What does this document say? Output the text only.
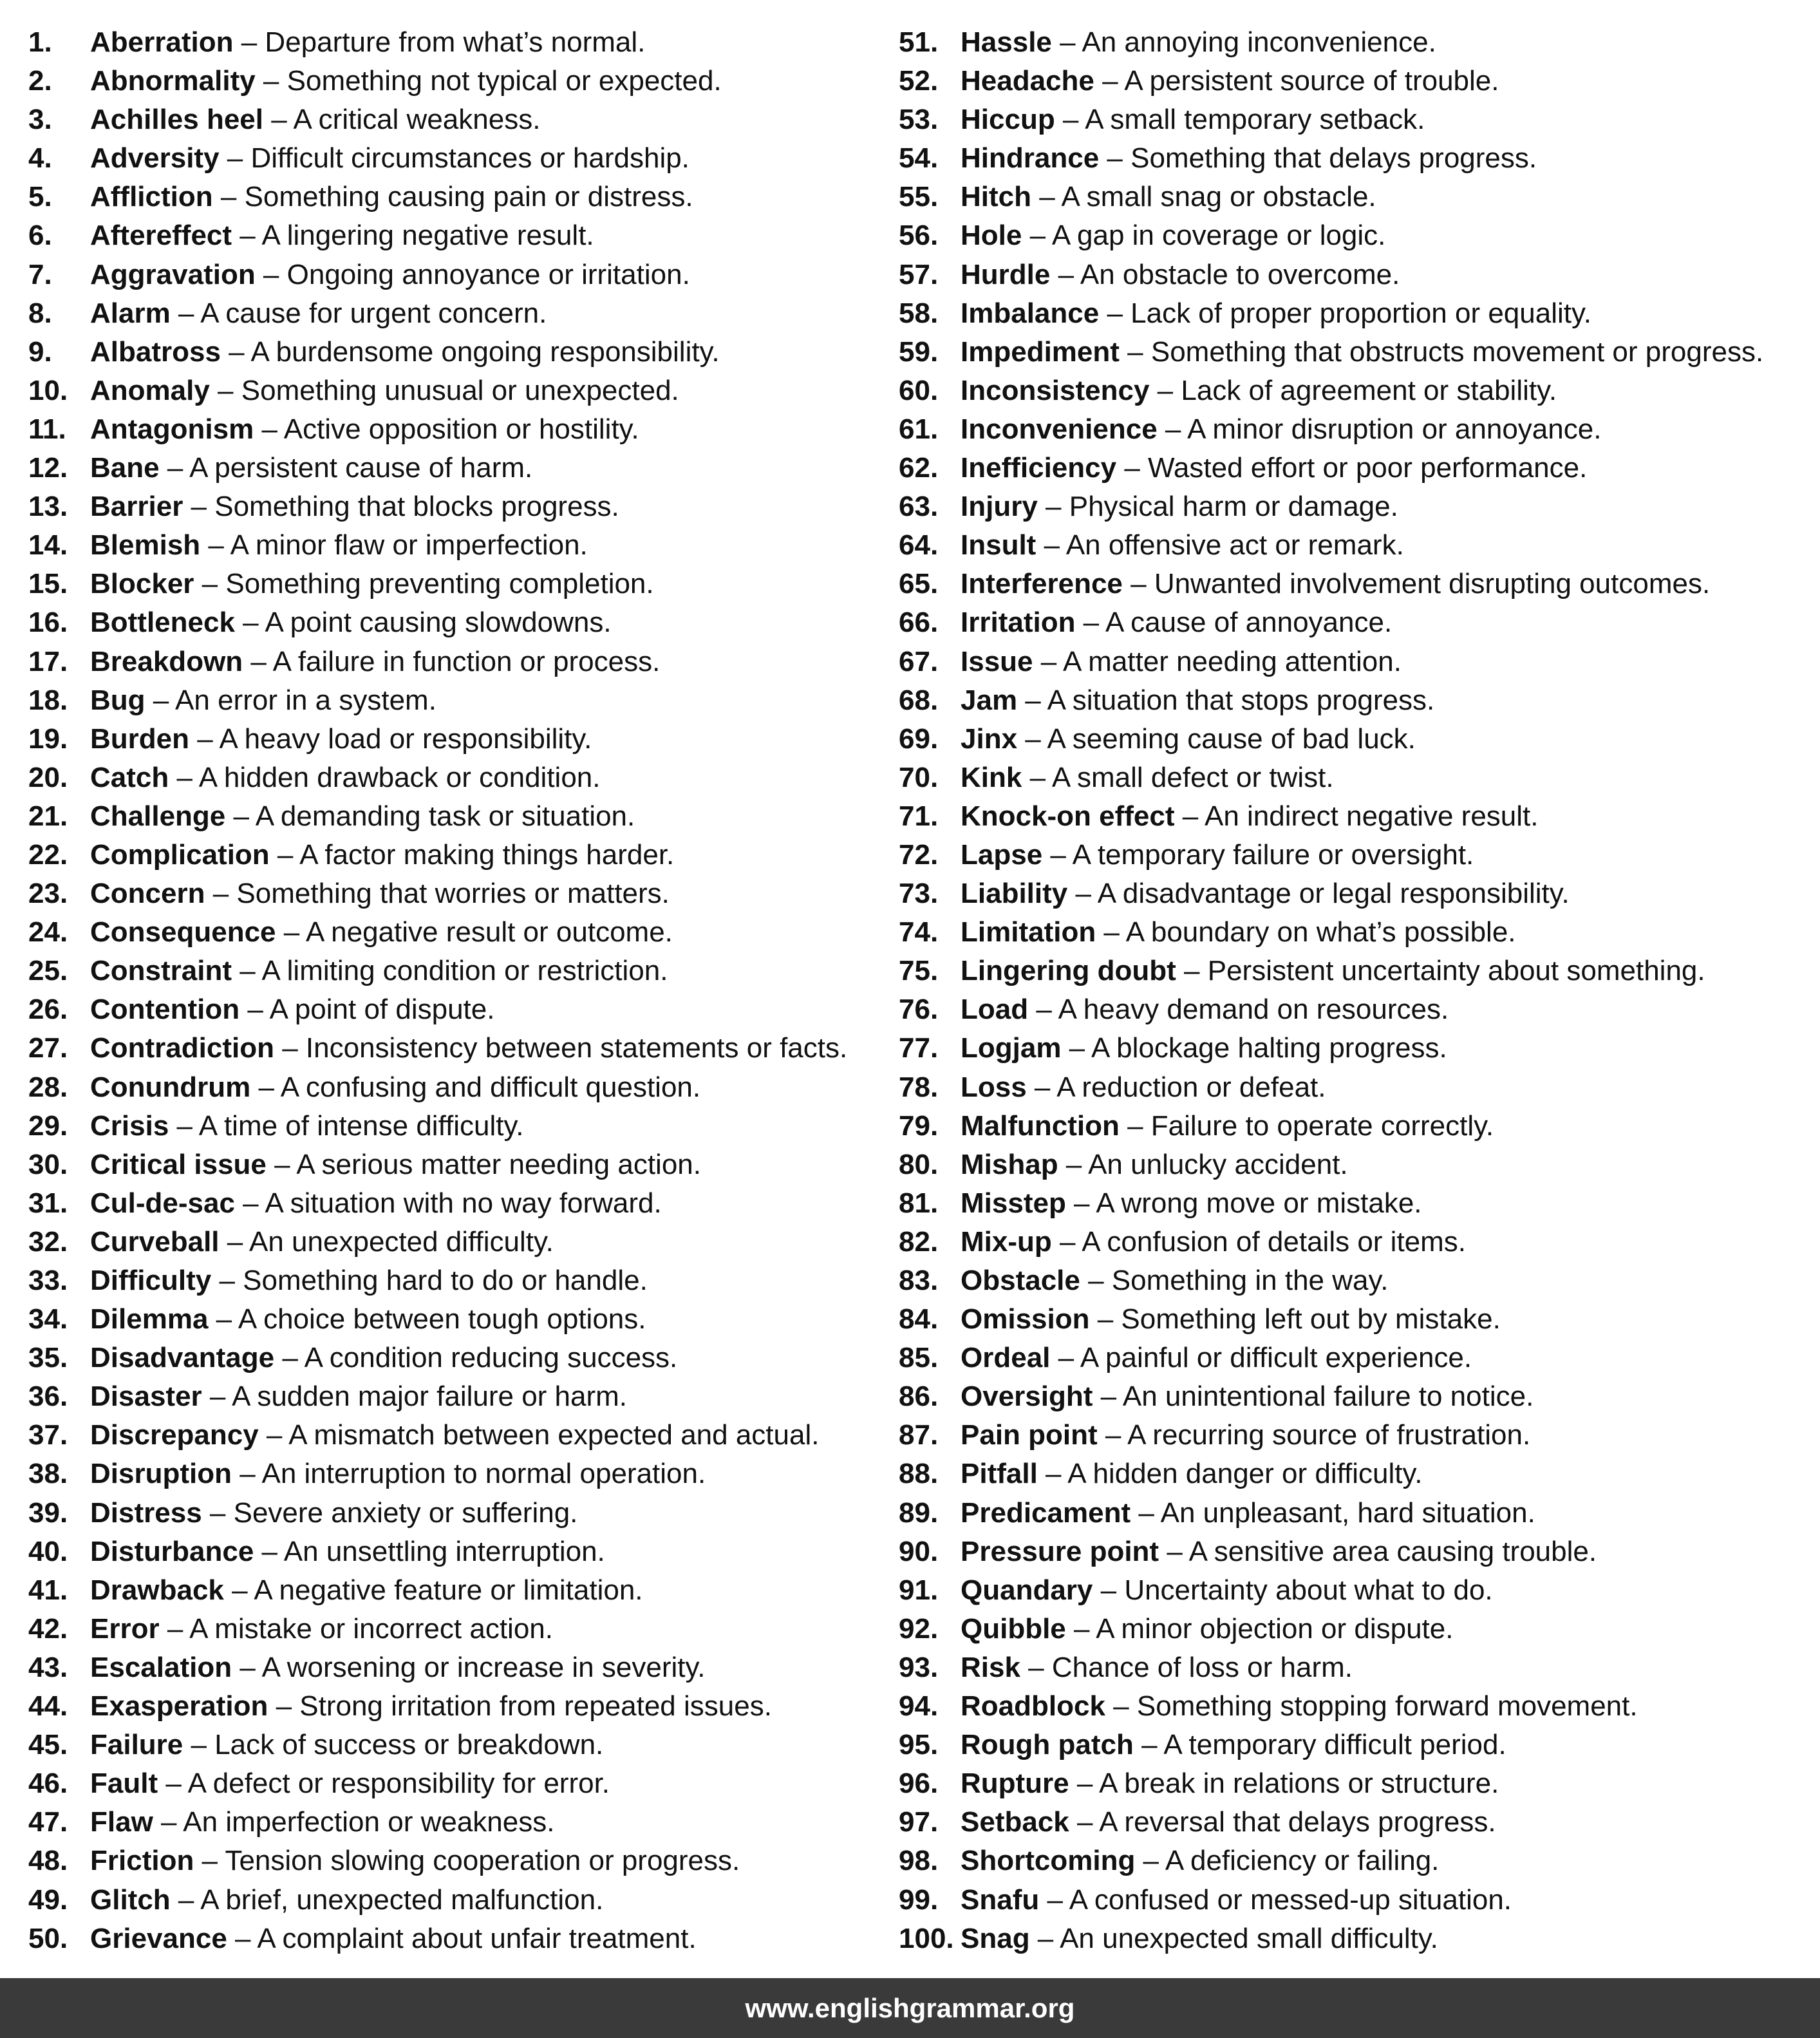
1.	Aberration – Departure from what’s normal.
2.	Abnormality – Something not typical or expected.
3.	Achilles heel – A critical weakness.
4.	Adversity – Difficult circumstances or hardship.
5.	Affliction – Something causing pain or distress.
6.	Aftereffect – A lingering negative result.
7.	Aggravation – Ongoing annoyance or irritation.
8.	Alarm – A cause for urgent concern.
9.	Albatross – A burdensome ongoing responsibility.
10. Anomaly – Something unusual or unexpected.
11. Antagonism – Active opposition or hostility.
12. Bane – A persistent cause of harm.
13. Barrier – Something that blocks progress.
14. Blemish – A minor flaw or imperfection.
15. Blocker – Something preventing completion.
16. Bottleneck – A point causing slowdowns.
17. Breakdown – A failure in function or process.
18. Bug – An error in a system.
19. Burden – A heavy load or responsibility.
20. Catch – A hidden drawback or condition.
21. Challenge – A demanding task or situation.
22. Complication – A factor making things harder.
23. Concern – Something that worries or matters.
24. Consequence – A negative result or outcome.
25. Constraint – A limiting condition or restriction.
26. Contention – A point of dispute.
27. Contradiction – Inconsistency between statements or facts.
28. Conundrum – A confusing and difficult question.
29. Crisis – A time of intense difficulty.
30. Critical issue – A serious matter needing action.
31. Cul-de-sac – A situation with no way forward.
32. Curveball – An unexpected difficulty.
33. Difficulty – Something hard to do or handle.
34. Dilemma – A choice between tough options.
35. Disadvantage – A condition reducing success.
36. Disaster – A sudden major failure or harm.
37. Discrepancy – A mismatch between expected and actual.
38. Disruption – An interruption to normal operation.
39. Distress – Severe anxiety or suffering.
40. Disturbance – An unsettling interruption.
41. Drawback – A negative feature or limitation.
42. Error – A mistake or incorrect action.
43. Escalation – A worsening or increase in severity.
44. Exasperation – Strong irritation from repeated issues.
45. Failure – Lack of success or breakdown.
46. Fault – A defect or responsibility for error.
47. Flaw – An imperfection or weakness.
48. Friction – Tension slowing cooperation or progress.
49. Glitch – A brief, unexpected malfunction.
50. Grievance – A complaint about unfair treatment.
51. Hassle – An annoying inconvenience.
52. Headache – A persistent source of trouble.
53. Hiccup – A small temporary setback.
54. Hindrance – Something that delays progress.
55. Hitch – A small snag or obstacle.
56. Hole – A gap in coverage or logic.
57. Hurdle – An obstacle to overcome.
58. Imbalance – Lack of proper proportion or equality.
59. Impediment – Something that obstructs movement or progress.
60. Inconsistency – Lack of agreement or stability.
61. Inconvenience – A minor disruption or annoyance.
62. Inefficiency – Wasted effort or poor performance.
63. Injury – Physical harm or damage.
64. Insult – An offensive act or remark.
65. Interference – Unwanted involvement disrupting outcomes.
66. Irritation – A cause of annoyance.
67. Issue – A matter needing attention.
68. Jam – A situation that stops progress.
69. Jinx – A seeming cause of bad luck.
70. Kink – A small defect or twist.
71. Knock-on effect – An indirect negative result.
72. Lapse – A temporary failure or oversight.
73. Liability – A disadvantage or legal responsibility.
74. Limitation – A boundary on what’s possible.
75. Lingering doubt – Persistent uncertainty about something.
76. Load – A heavy demand on resources.
77. Logjam – A blockage halting progress.
78. Loss – A reduction or defeat.
79. Malfunction – Failure to operate correctly.
80. Mishap – An unlucky accident.
81. Misstep – A wrong move or mistake.
82. Mix-up – A confusion of details or items.
83. Obstacle – Something in the way.
84. Omission – Something left out by mistake.
85. Ordeal – A painful or difficult experience.
86. Oversight – An unintentional failure to notice.
87. Pain point – A recurring source of frustration.
88. Pitfall – A hidden danger or difficulty.
89. Predicament – An unpleasant, hard situation.
90. Pressure point – A sensitive area causing trouble.
91. Quandary – Uncertainty about what to do.
92. Quibble – A minor objection or dispute.
93. Risk – Chance of loss or harm.
94. Roadblock – Something stopping forward movement.
95. Rough patch – A temporary difficult period.
96. Rupture – A break in relations or structure.
97. Setback – A reversal that delays progress.
98. Shortcoming – A deficiency or failing.
99. Snafu – A confused or messed-up situation.
100. Snag – An unexpected small difficulty.
www.englishgrammar.org
